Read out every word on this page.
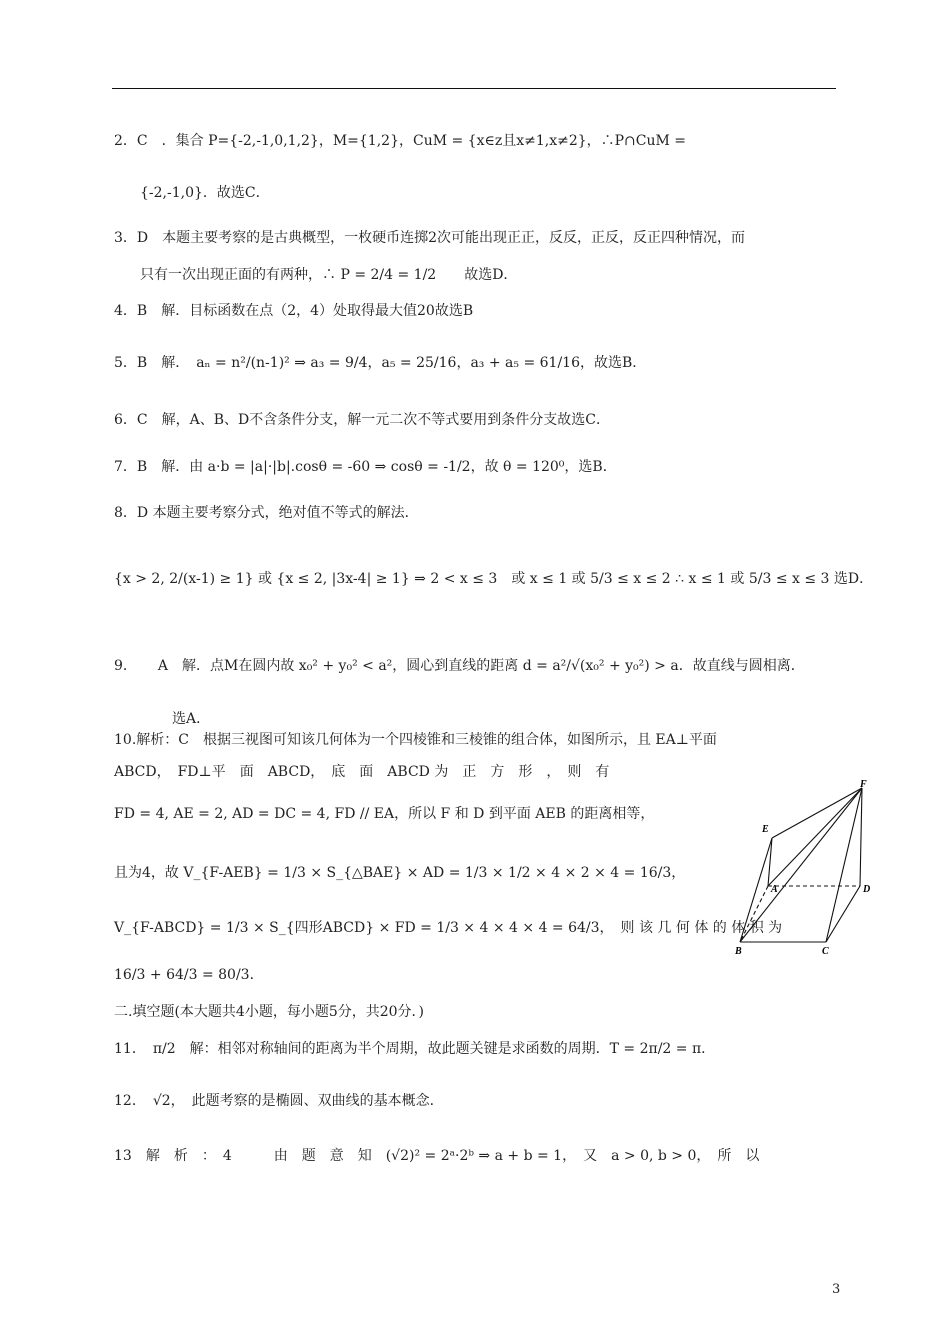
2．C　．集合 P={-2,-1,0,1,2}，M={1,2}，CuM = {x∈z且x≠1,x≠2}，∴P∩CuM =
{-2,-1,0}．故选C．
3．D　本题主要考察的是古典概型，一枚硬币连掷2次可能出现正正，反反，正反，反正四种情况，而
只有一次出现正面的有两种，∴ P = 2/4 = 1/2　　故选D．
4．B　解．目标函数在点（2，4）处取得最大值20故选B
5．B　解．　aₙ = n²/(n-1)² ⇒ a₃ = 9/4，a₅ = 25/16，a₃ + a₅ = 61/16，故选B．
6．C　解，A、B、D不含条件分支，解一元二次不等式要用到条件分支故选C．
7．B　解．由 a·b = |a|·|b|.cosθ = -60 ⇒ cosθ = -1/2，故 θ = 120⁰，选B．
8．D 本题主要考察分式，绝对值不等式的解法．
{x > 2, 2/(x-1) ≥ 1} 或 {x ≤ 2, |3x-4| ≥ 1} ⇒ 2 < x ≤ 3　或 x ≤ 1 或 5/3 ≤ x ≤ 2 ∴ x ≤ 1 或 5/3 ≤ x ≤ 3 选D．
9．　　A　解．点M在圆内故 x₀² + y₀² < a²，圆心到直线的距离 d = a²/√(x₀² + y₀²) > a．故直线与圆相离．
选A．
10.解析：C　根据三视图可知该几何体为一个四棱锥和三棱锥的组合体，如图所示，且 EA⊥平面
ABCD，　FD⊥平　面　ABCD，　底　面　ABCD 为　正　方　形　，　则　有
FD = 4, AE = 2, AD = DC = 4, FD // EA，所以 F 和 D 到平面 AEB 的距离相等，
且为4，故 V_{F-AEB} = 1/3 × S_{△BAE} × AD = 1/3 × 1/2 × 4 × 2 × 4 = 16/3，
V_{F-ABCD} = 1/3 × S_{四形ABCD} × FD = 1/3 × 4 × 4 × 4 = 64/3，　则 该 几 何 体 的 体 积 为
16/3 + 64/3 = 80/3．
二.填空题(本大题共4小题，每小题5分，共20分．)
11．　π/2　解：相邻对称轴间的距离为半个周期，故此题关键是求函数的周期．T = 2π/2 = π．
12．　√2，　此题考察的是椭圆、双曲线的基本概念．
13　解　析　：　4　　　由　题　意　知　(√2)² = 2ᵃ·2ᵇ ⇒ a + b = 1，　又　a > 0, b > 0，　所　以
F
E
A	D
B	C
3
